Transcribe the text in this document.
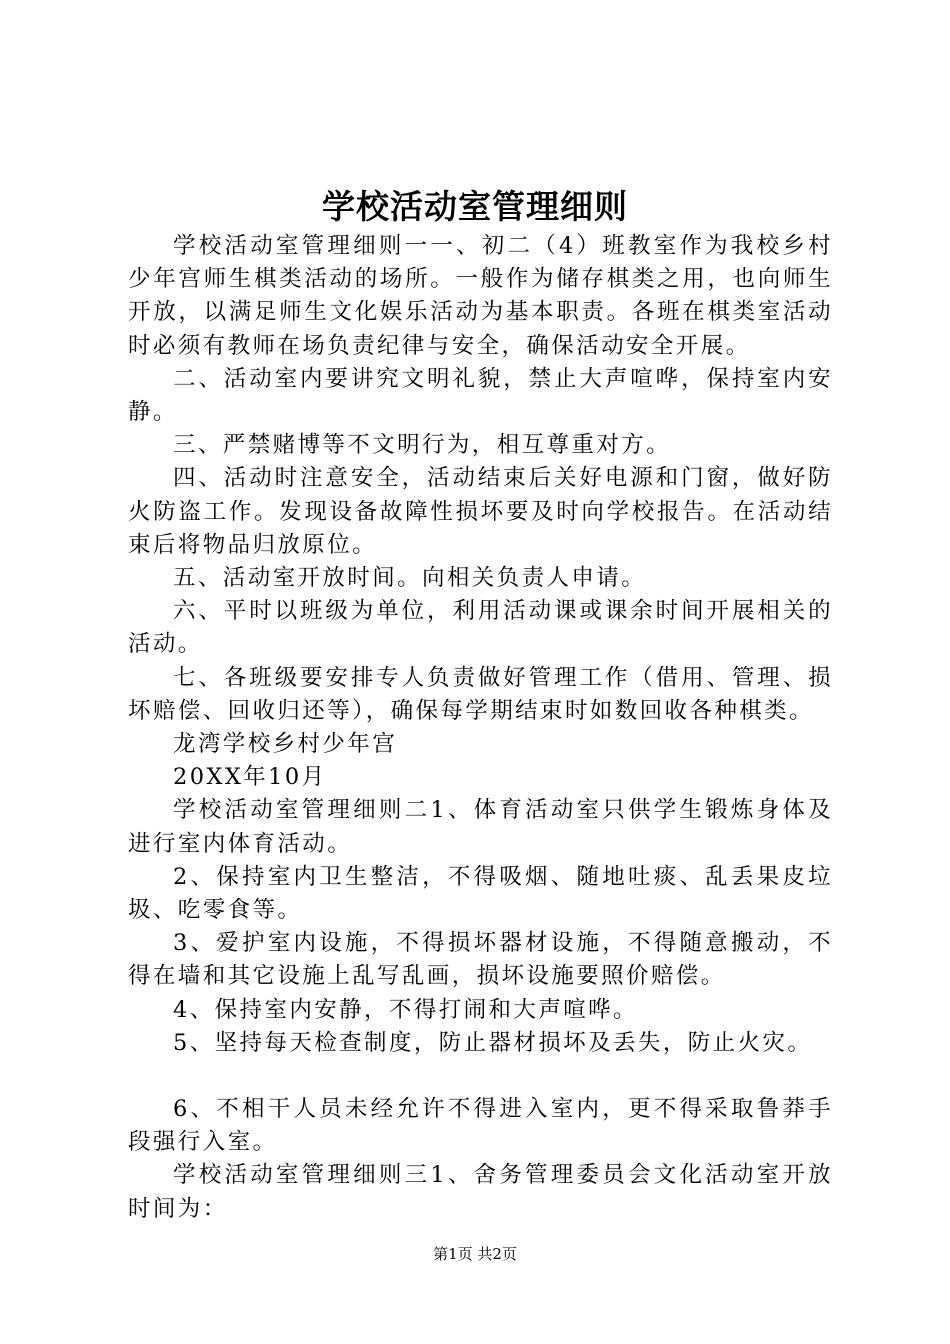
学校活动室管理细则

学校活动室管理细则一一、初二（4）班教室作为我校乡村少年宫师生棋类活动的场所。一般作为储存棋类之用，也向师生开放，以满足师生文化娱乐活动为基本职责。各班在棋类室活动时必须有教师在场负责纪律与安全，确保活动安全开展。

二、活动室内要讲究文明礼貌，禁止大声喧哗，保持室内安静。

三、严禁赌博等不文明行为，相互尊重对方。

四、活动时注意安全，活动结束后关好电源和门窗，做好防火防盗工作。发现设备故障性损坏要及时向学校报告。在活动结束后将物品归放原位。

五、活动室开放时间。向相关负责人申请。

六、平时以班级为单位，利用活动课或课余时间开展相关的活动。

七、各班级要安排专人负责做好管理工作（借用、管理、损坏赔偿、回收归还等），确保每学期结束时如数回收各种棋类。

龙湾学校乡村少年宫

20XX年10月

学校活动室管理细则二1、体育活动室只供学生锻炼身体及进行室内体育活动。

2、保持室内卫生整洁，不得吸烟、随地吐痰、乱丢果皮垃圾、吃零食等。

3、爱护室内设施，不得损坏器材设施，不得随意搬动，不得在墙和其它设施上乱写乱画，损坏设施要照价赔偿。

4、保持室内安静，不得打闹和大声喧哗。

5、坚持每天检查制度，防止器材损坏及丢失，防止火灾。

6、不相干人员未经允许不得进入室内，更不得采取鲁莽手段强行入室。

学校活动室管理细则三1、舍务管理委员会文化活动室开放时间为：

第1页 共2页
